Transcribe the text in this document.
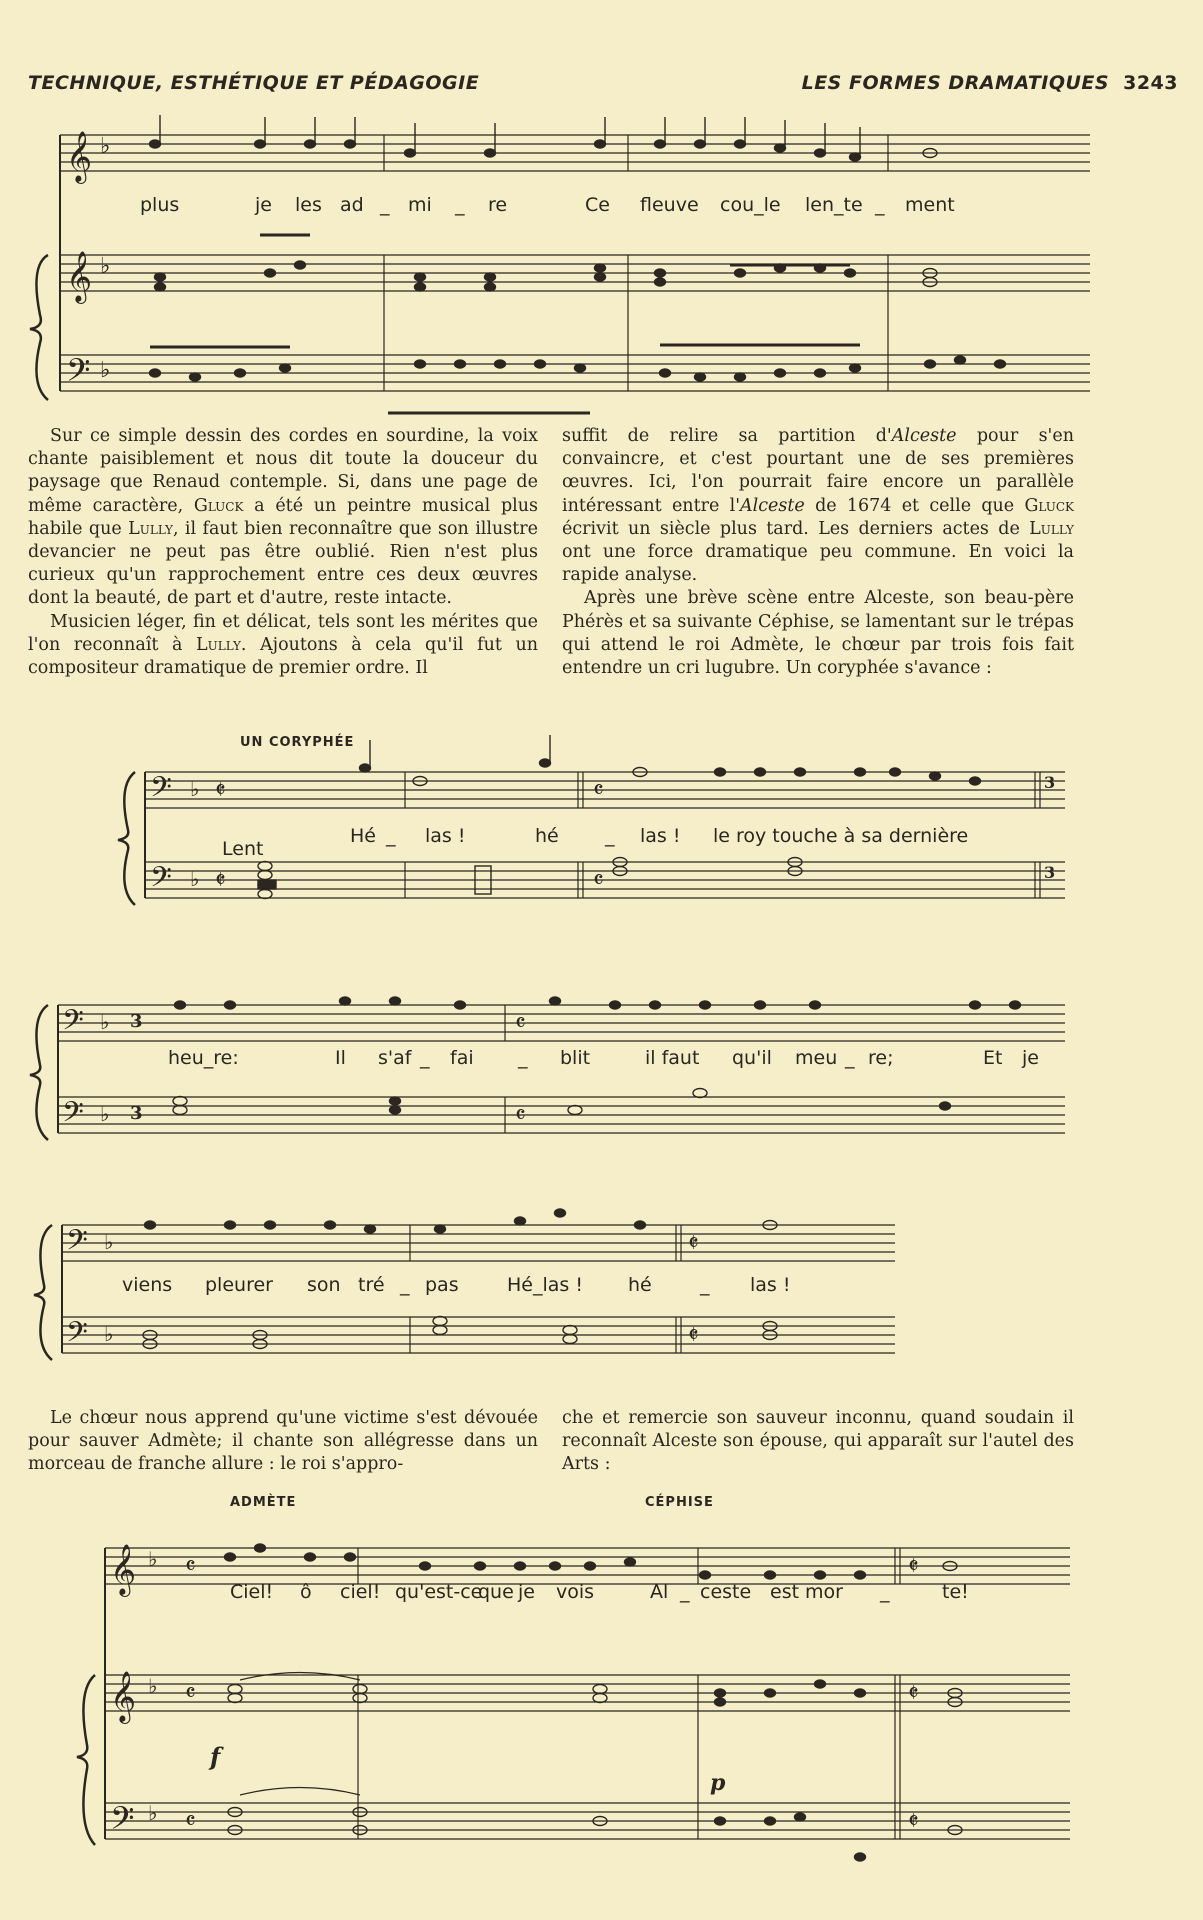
TECHNIQUE, ESTHÉTIQUE ET PÉDAGOGIE	LES FORMES DRAMATIQUES 3243
𝄞
𝄞
𝄢
♭
♭
♭
plus	je les ad _ mi _ re	Ce fleuve cou_le len_te _ ment

Sur ce simple dessin des cordes en sourdine, la voix chante paisiblement et nous dit toute la douceur du paysage que Renaud contemple. Si, dans une page de même caractère, Gluck a été un peintre musical plus habile que Lully, il faut bien reconnaître que son illustre devancier ne peut pas être oublié. Rien n'est plus curieux qu'un rapprochement entre ces deux œuvres dont la beauté, de part et d'autre, reste intacte.

Musicien léger, fin et délicat, tels sont les mérites que l'on reconnaît à Lully. Ajoutons à cela qu'il fut un compositeur dramatique de premier ordre. Il

suffit de relire sa partition d'Alceste pour s'en convaincre, et c'est pourtant une de ses premières œuvres. Ici, l'on pourrait faire encore un parallèle intéressant entre l'Alceste de 1674 et celle que Gluck écrivit un siècle plus tard. Les derniers actes de Lully ont une force dramatique peu commune. En voici la rapide analyse.

Après une brève scène entre Alceste, son beau-père Phérès et sa suivante Céphise, se lamentant sur le trépas qui attend le roi Admète, le chœur par trois fois fait entendre un cri lugubre. Un coryphée s'avance :

UN CORYPHÉE
𝄢
𝄢
♭
♭
𝄵
𝄵
𝄴
𝄴
3
3
Lent
Hé _ las !	hé _ las ! le roy touche à sa dernière
𝄢
𝄢
♭
♭
3
3
𝄴
𝄴
heu_re:	Il s'af _ fai _ blit	il faut qu'il meu _ re;	Et je
𝄢
𝄢
♭
♭
𝄵
𝄵
viens pleurer son tré _ pas	Hé_las ! hé	_ las !

Le chœur nous apprend qu'une victime s'est dévouée pour sauver Admète; il chante son allégresse dans un morceau de franche allure : le roi s'appro-

che et remercie son sauveur inconnu, quand soudain il reconnaît Alceste son épouse, qui apparaît sur l'autel des Arts :

ADMÈTE	CÉPHISE
𝄞
𝄞
𝄢
♭
♭
♭
𝄴
𝄴
𝄴
𝄵
𝄵
𝄵
f
p
Ciel! ô ciel! qu'est-ce
que je vois	Al _ ceste est mor _	te!
